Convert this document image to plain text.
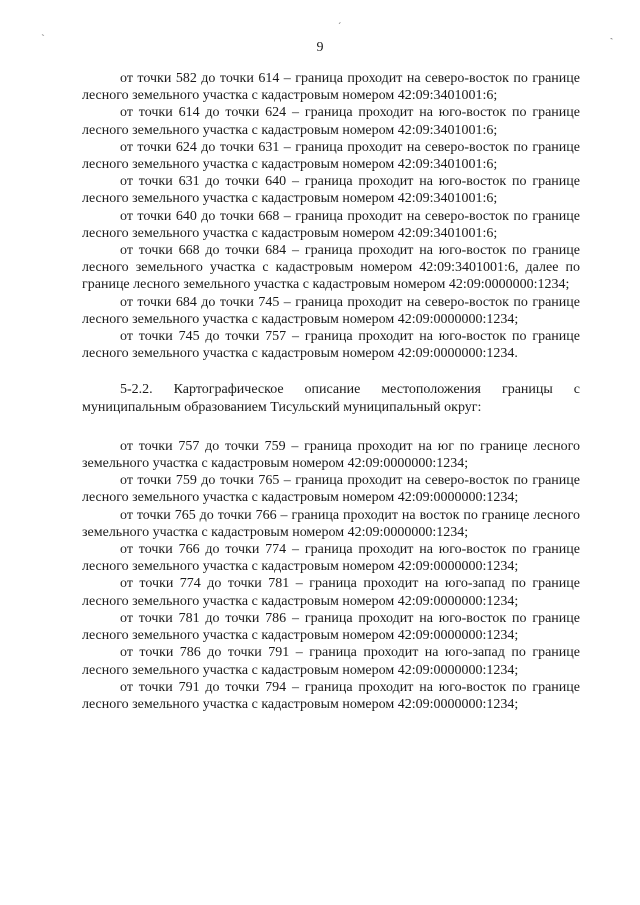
ˏ	ˊ
ˏ
9

от точки 582 до точки 614 – граница проходит на северо-восток по границе лесного земельного участка с кадастровым номером 42:09:3401001:6;

от точки 614 до точки 624 – граница проходит на юго-восток по границе лесного земельного участка с кадастровым номером 42:09:3401001:6;

от точки 624 до точки 631 – граница проходит на северо-восток по границе лесного земельного участка с кадастровым номером 42:09:3401001:6;

от точки 631 до точки 640 – граница проходит на юго-восток по границе лесного земельного участка с кадастровым номером 42:09:3401001:6;

от точки 640 до точки 668 – граница проходит на северо-восток по границе лесного земельного участка с кадастровым номером 42:09:3401001:6;

от точки 668 до точки 684 – граница проходит на юго-восток по границе лесного земельного участка с кадастровым номером 42:09:3401001:6, далее по границе лесного земельного участка с кадастровым номером 42:09:0000000:1234;

от точки 684 до точки 745 – граница проходит на северо-восток по границе лесного земельного участка с кадастровым номером 42:09:0000000:1234;

от точки 745 до точки 757 – граница проходит на юго-восток по границе лесного земельного участка с кадастровым номером 42:09:0000000:1234.

5-2.2. Картографическое описание местоположения границы с муниципальным образованием Тисульский муниципальный округ:

от точки 757 до точки 759 – граница проходит на юг по границе лесного земельного участка с кадастровым номером 42:09:0000000:1234;

от точки 759 до точки 765 – граница проходит на северо-восток по границе лесного земельного участка с кадастровым номером 42:09:0000000:1234;

от точки 765 до точки 766 – граница проходит на восток по границе лесного земельного участка с кадастровым номером 42:09:0000000:1234;

от точки 766 до точки 774 – граница проходит на юго-восток по границе лесного земельного участка с кадастровым номером 42:09:0000000:1234;

от точки 774 до точки 781 – граница проходит на юго-запад по границе лесного земельного участка с кадастровым номером 42:09:0000000:1234;

от точки 781 до точки 786 – граница проходит на юго-восток по границе лесного земельного участка с кадастровым номером 42:09:0000000:1234;

от точки 786 до точки 791 – граница проходит на юго-запад по границе лесного земельного участка с кадастровым номером 42:09:0000000:1234;

от точки 791 до точки 794 – граница проходит на юго-восток по границе лесного земельного участка с кадастровым номером 42:09:0000000:1234;
